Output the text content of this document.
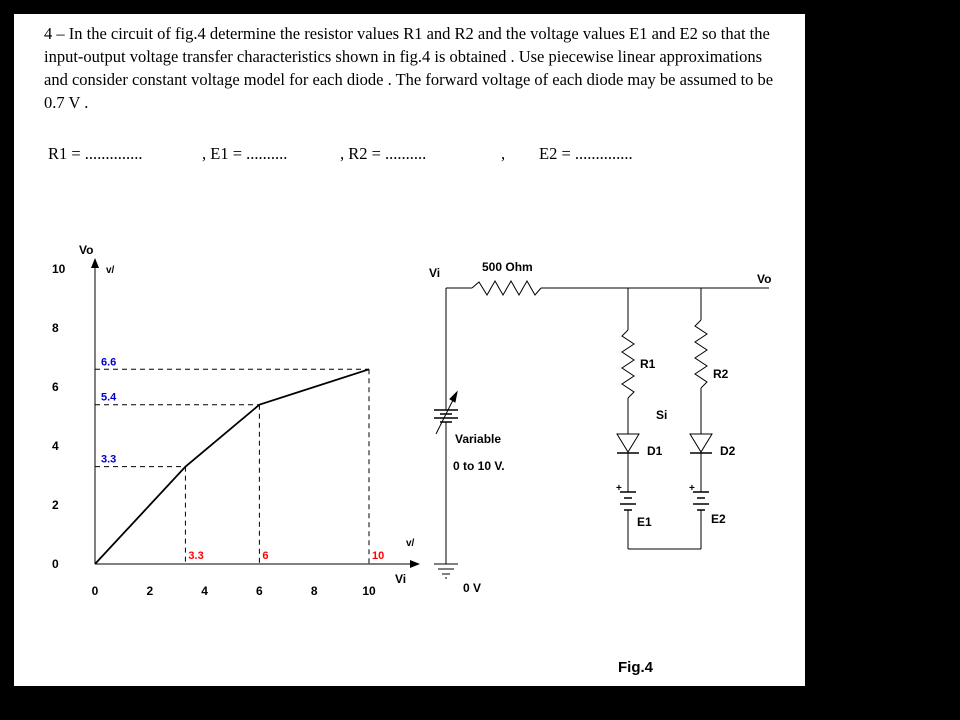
4 – In the circuit of fig.4 determine the resistor values R1 and R2 and the voltage values E1 and E2 so that the input-output voltage transfer characteristics shown in fig.4 is obtained . Use piecewise linear approximations and consider constant voltage model for each diode . The forward voltage of each diode may be assumed to be 0.7 V .

R1 = ..............	, E1 = ..........	, R2 = ..........	, E2 = ..............
0
2
4
6
8
10
0	2	4	6	8	10
3.3
5.4
6.6
3.3	6	10
Vo
v/
Vi
v/
Vi	Vo
500 Ohm
Variable
0 to 10 V.
0 V
R1
R2
Si
D1	D2
E1	E2
+	+
Fig.4
